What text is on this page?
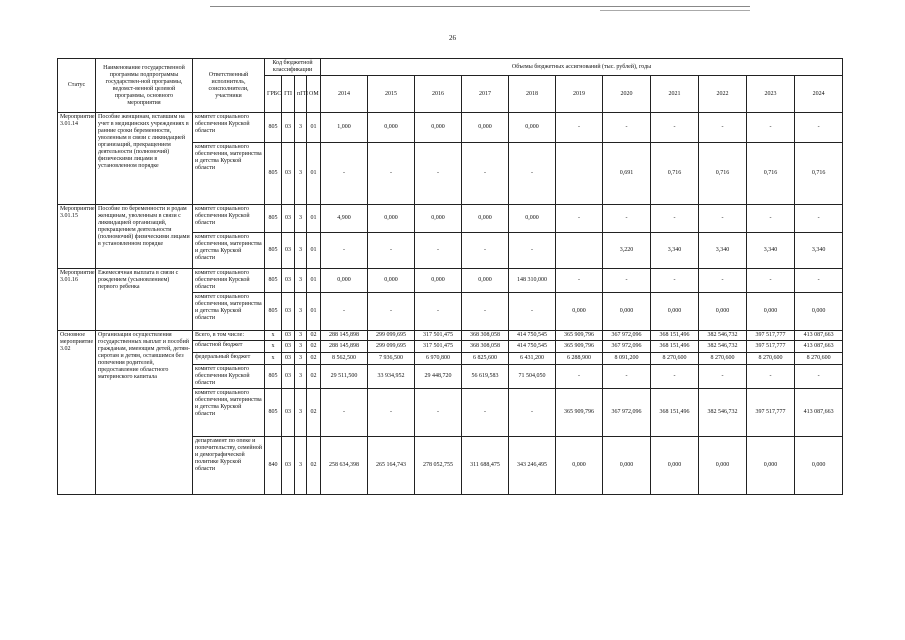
26
Статус	Наименование государственной программы подпрограммы государствен-ной программы, ведомст-венной целевой программы, основного мероприятия	Ответственный исполнитель, соисполнители, участники	Код бюджетной классификации				Объемы бюджетных ассигнований (тыс. рублей), годы										
			ГРБС	ГП	пГП	ОМ	2014	2015	2016	2017	2018	2019	2020	2021	2022	2023	2024
Мероприятие 3.01.14	Пособие женщинам, вставшим на учет в медицинских учреждениях в ранние сроки беременности, уволенным в связи с ликвидацией организаций, прекращением деятельности (полномочий) физическими лицами в установленном порядке	комитет социального обеспечения Курской области	805	03	3	01	1,000	0,000	0,000	0,000	0,000	-	-	-	-	-	-
		комитет социального обеспечения, материнства и детства Курской области	805	03	3	01	-	-	-	-	-		0,691	0,716	0,716	0,716	0,716
Мероприятие 3.01.15	Пособие по беременности и родам женщинам, уволенным в связи с ликвидацией организаций, прекращением деятельности (полномочий) физическими лицами в установленном порядке	комитет социального обеспечения Курской области	805	03	3	01	4,900	0,000	0,000	0,000	0,000	-	-	-	-	-	-
		комитет социального обеспечения, материнства и детства Курской области	805	03	3	01	-	-	-	-	-		3,220	3,340	3,340	3,340	3,340
Мероприятие 3.01.16	Ежемесячная выплата в связи с рождением (усыновлением) первого ребенка	комитет социального обеспечения Курской области	805	03	3	01	0,000	0,000	0,000	0,000	148 310,000	-	-	-	-	-	-
		комитет социального обеспечения, материнства и детства Курской области	805	03	3	01	-	-	-	-	-	0,000	0,000	0,000	0,000	0,000	0,000
Основное мероприятие 3.02	Организация осуществления государственных выплат и пособий гражданам, имеющим детей, детям-сиротам и детям, оставшимся без попечения родителей, предоставление областного материнского капитала	Всего, в том числе:	x	03	3	02	288 145,898	299 099,695	317 501,475	368 308,058	414 750,545	365 909,796	367 972,096	368 151,496	382 546,732	397 517,777	413 087,663
		областной бюджет	x	03	3	02	288 145,898	299 099,695	317 501,475	368 308,058	414 750,545	365 909,796	367 972,096	368 151,496	382 546,732	397 517,777	413 087,663
		федеральный бюджет	x	03	3	02	8 562,500	7 936,500	6 970,800	6 825,600	6 431,200	6 288,900	8 091,200	8 270,600	8 270,600	8 270,600	8 270,600
		комитет социального обеспечения Курской области	805	03	3	02	29 511,500	33 934,952	29 448,720	56 619,583	71 504,050	-	-	-	-	-	-
		комитет социального обеспечения, материнства и детства Курской области	805	03	3	02	-	-	-	-	-	365 909,796	367 972,096	368 151,496	382 546,732	397 517,777	413 087,663
		департамент по опеке и попечительству, семейной и демографической политике Курской области	840	03	3	02	258 634,398	265 164,743	278 052,755	311 688,475	343 246,495	0,000	0,000	0,000	0,000	0,000	0,000
